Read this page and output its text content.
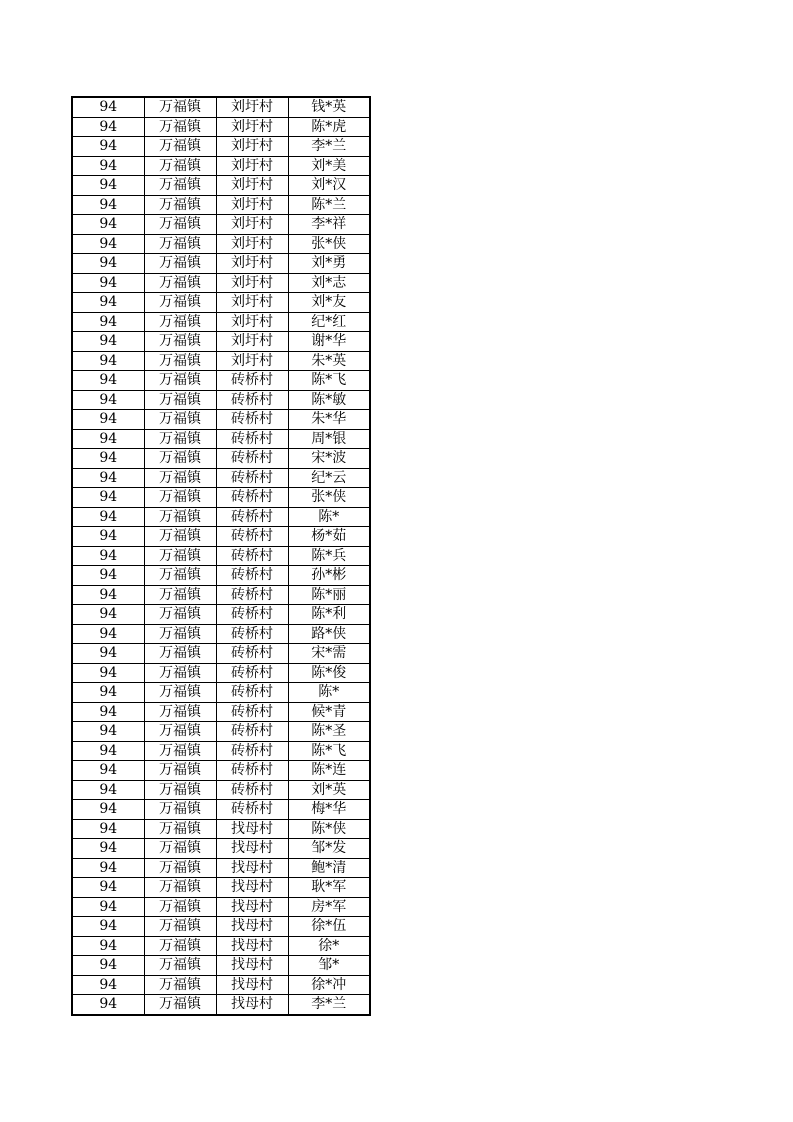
94	万福镇	刘圩村	钱*英
94	万福镇	刘圩村	陈*虎
94	万福镇	刘圩村	李*兰
94	万福镇	刘圩村	刘*美
94	万福镇	刘圩村	刘*汉
94	万福镇	刘圩村	陈*兰
94	万福镇	刘圩村	李*祥
94	万福镇	刘圩村	张*侠
94	万福镇	刘圩村	刘*勇
94	万福镇	刘圩村	刘*志
94	万福镇	刘圩村	刘*友
94	万福镇	刘圩村	纪*红
94	万福镇	刘圩村	谢*华
94	万福镇	刘圩村	朱*英
94	万福镇	砖桥村	陈*飞
94	万福镇	砖桥村	陈*敏
94	万福镇	砖桥村	朱*华
94	万福镇	砖桥村	周*银
94	万福镇	砖桥村	宋*波
94	万福镇	砖桥村	纪*云
94	万福镇	砖桥村	张*侠
94	万福镇	砖桥村	陈*
94	万福镇	砖桥村	杨*茹
94	万福镇	砖桥村	陈*兵
94	万福镇	砖桥村	孙*彬
94	万福镇	砖桥村	陈*丽
94	万福镇	砖桥村	陈*利
94	万福镇	砖桥村	路*侠
94	万福镇	砖桥村	宋*需
94	万福镇	砖桥村	陈*俊
94	万福镇	砖桥村	陈*
94	万福镇	砖桥村	候*青
94	万福镇	砖桥村	陈*圣
94	万福镇	砖桥村	陈*飞
94	万福镇	砖桥村	陈*连
94	万福镇	砖桥村	刘*英
94	万福镇	砖桥村	梅*华
94	万福镇	找母村	陈*侠
94	万福镇	找母村	邹*发
94	万福镇	找母村	鲍*清
94	万福镇	找母村	耿*军
94	万福镇	找母村	房*军
94	万福镇	找母村	徐*伍
94	万福镇	找母村	徐*
94	万福镇	找母村	邹*
94	万福镇	找母村	徐*冲
94	万福镇	找母村	李*兰
